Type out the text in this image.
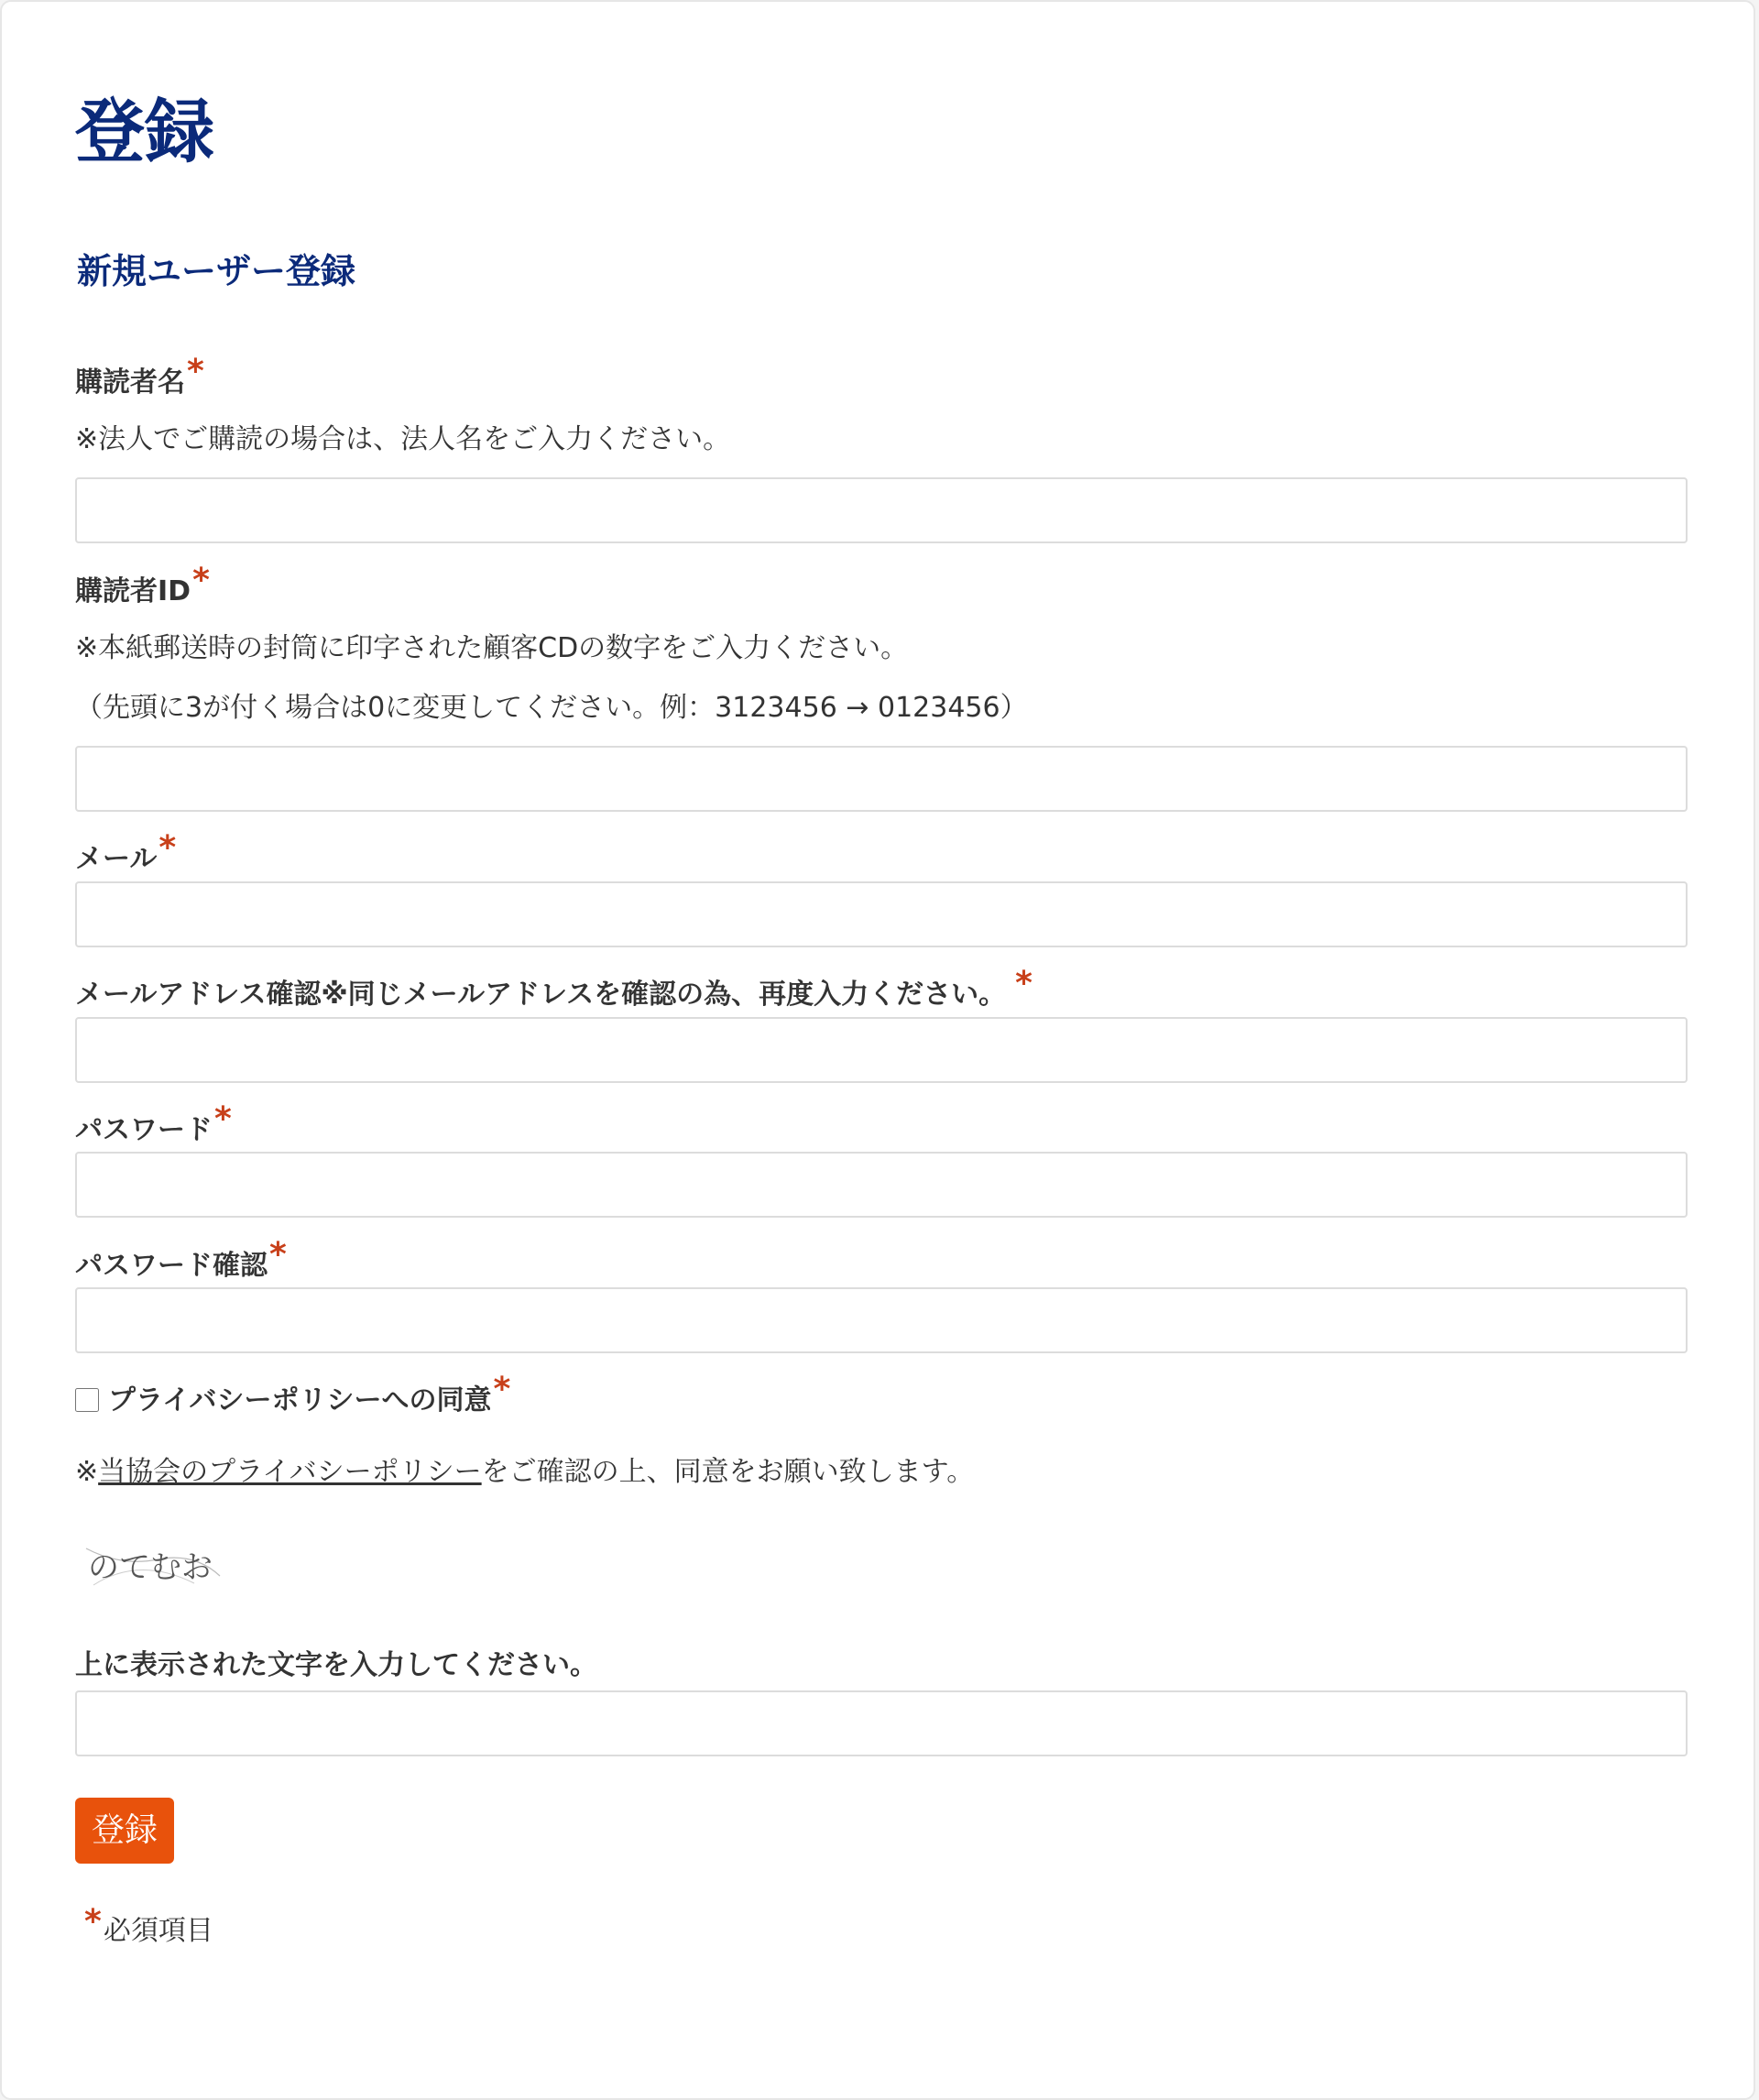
登録
新規ユーザー登録
購読者名*
※法人でご購読の場合は、法人名をご入力ください。
購読者ID*
※本紙郵送時の封筒に印字された顧客CDの数字をご入力ください。
（先頭に3が付く場合は0に変更してください。例：3123456 → 0123456）
メール*
メールアドレス確認※同じメールアドレスを確認の為、再度入力ください。 *
パスワード*
パスワード確認*
プライバシーポリシーへの同意*
※当協会のプライバシーポリシーをご確認の上、同意をお願い致します。
のてむお
上に表示された文字を入力してください。
登録
*必須項目
